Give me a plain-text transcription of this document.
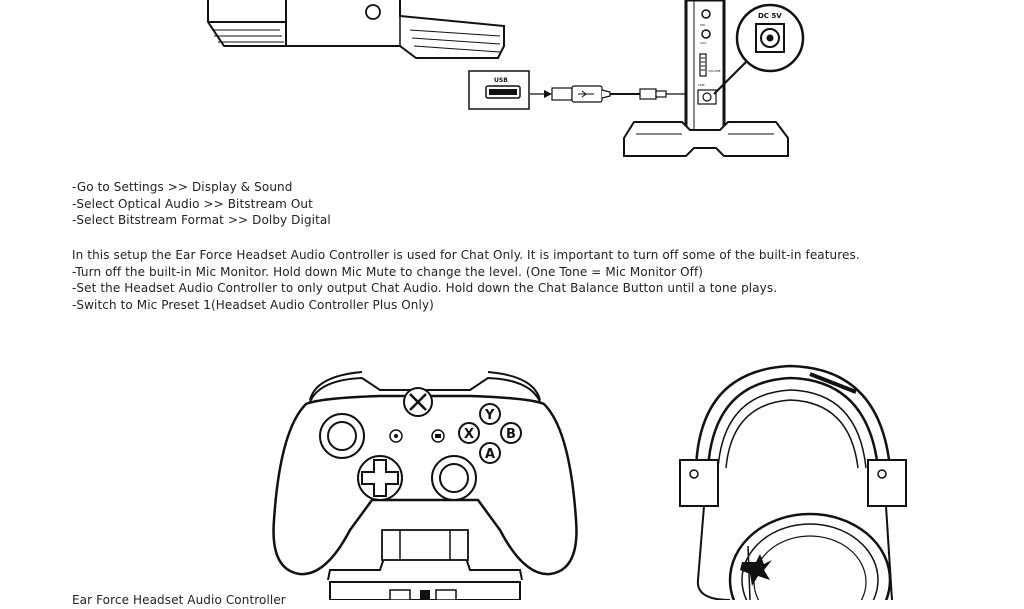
USB
MIC
AUX
VOLUME
LINK
DC 5V
-Go to Settings >> Display & Sound
-Select Optical Audio >> Bitstream Out
-Select Bitstream Format >> Dolby Digital
In this setup the Ear Force Headset Audio Controller is used for Chat Only. It is important to turn off some of the built-in features.
-Turn off the built-in Mic Monitor. Hold down Mic Mute to change the level. (One Tone = Mic Monitor Off)
-Set the Headset Audio Controller to only output Chat Audio. Hold down the Chat Balance Button until a tone plays.
-Switch to Mic Preset 1(Headset Audio Controller Plus Only)
Y
X B
A
Ear Force Headset Audio Controller
